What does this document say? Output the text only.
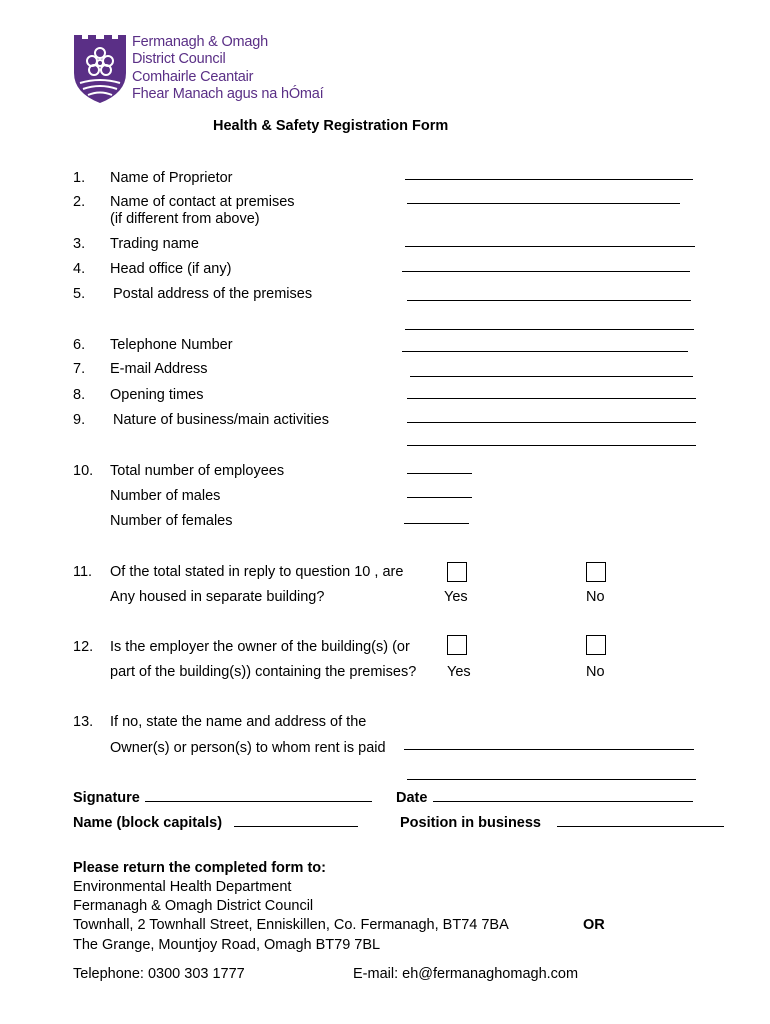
Fermanagh & Omagh
District Council
Comhairle Ceantair
Fhear Manach agus na hÓmaí
Health & Safety Registration Form
1. Name of Proprietor
2. Name of contact at premises
(if different from above)
3. Trading name
4. Head office (if any)
5. Postal address of the premises
6. Telephone Number
7. E-mail Address
8. Opening times
9. Nature of business/main activities
10. Total number of employees
Number of males
Number of females
11. Of the total stated in reply to question 10 , are
Any housed in separate building?	Yes	No
12. Is the employer the owner of the building(s) (or
part of the building(s)) containing the premises? Yes	No
13. If no, state the name and address of the
Owner(s) or person(s) to whom rent is paid
Signature	Date
Name (block capitals)	Position in business
Please return the completed form to:
Environmental Health Department
Fermanagh & Omagh District Council
Townhall, 2 Townhall Street, Enniskillen, Co. Fermanagh, BT74 7BA	OR
The Grange, Mountjoy Road, Omagh BT79 7BL
Telephone: 0300 303 1777	E-mail: eh@fermanaghomagh.com
